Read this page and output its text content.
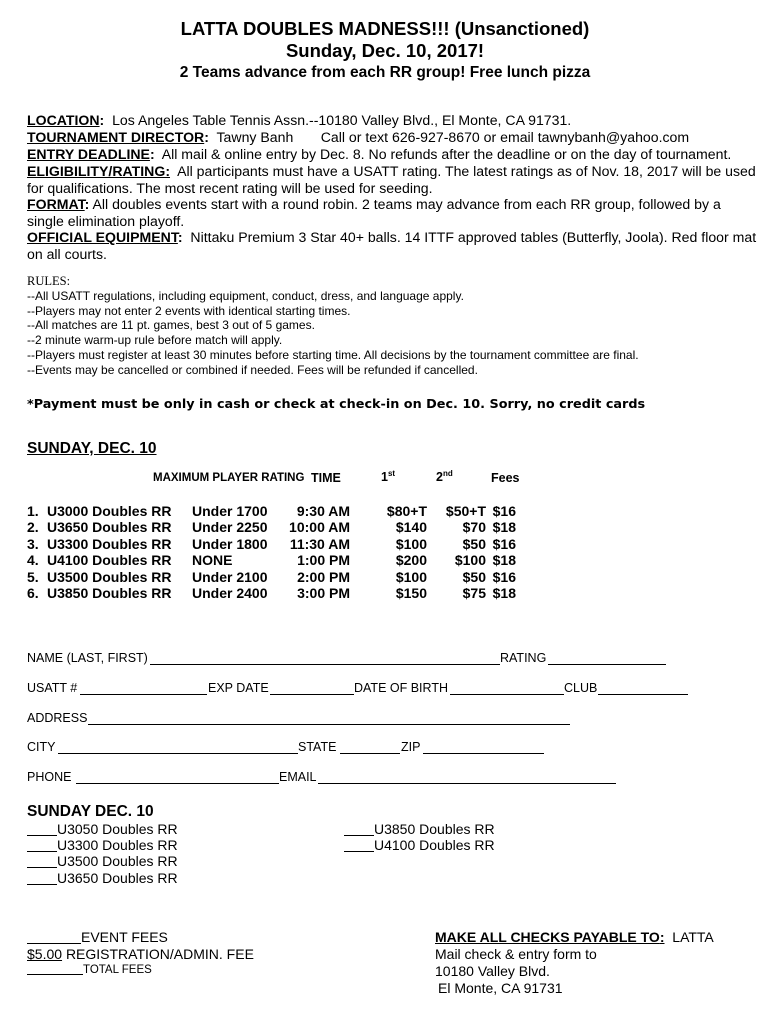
LATTA DOUBLES MADNESS!!! (Unsanctioned)
Sunday, Dec. 10, 2017!
2 Teams advance from each RR group! Free lunch pizza
LOCATION: Los Angeles Table Tennis Assn.--10180 Valley Blvd., El Monte, CA 91731.
TOURNAMENT DIRECTOR: Tawny Banh Call or text 626-927-8670 or email tawnybanh@yahoo.com
ENTRY DEADLINE: All mail & online entry by Dec. 8. No refunds after the deadline or on the day of tournament.
ELIGIBILITY/RATING: All participants must have a USATT rating. The latest ratings as of Nov. 18, 2017 will be used for qualifications. The most recent rating will be used for seeding.
FORMAT: All doubles events start with a round robin. 2 teams may advance from each RR group, followed by a single elimination playoff.
OFFICIAL EQUIPMENT: Nittaku Premium 3 Star 40+ balls. 14 ITTF approved tables (Butterfly, Joola). Red floor mat on all courts.
RULES:
--All USATT regulations, including equipment, conduct, dress, and language apply.
--Players may not enter 2 events with identical starting times.
--All matches are 11 pt. games, best 3 out of 5 games.
--2 minute warm-up rule before match will apply.
--Players must register at least 30 minutes before starting time. All decisions by the tournament committee are final.
--Events may be cancelled or combined if needed. Fees will be refunded if cancelled.
*Payment must be only in cash or check at check-in on Dec. 10. Sorry, no credit cards
SUNDAY, DEC. 10
MAXIMUM PLAYER RATING TIME	1st	2nd	Fees
1. U3000 Doubles RR Under 1700 9:30 AM	$80+T $50+T $16
2. U3650 Doubles RR Under 2250 10:00 AM	$140	$70 $18
3. U3300 Doubles RR Under 1800 11:30 AM	$100	$50 $16
4. U4100 Doubles RR NONE	1:00 PM	$200 $100 $18
5. U3500 Doubles RR Under 2100 2:00 PM	$100	$50 $16
6. U3850 Doubles RR Under 2400 3:00 PM	$150	$75 $18
NAME (LAST, FIRST)	RATING
USATT #	EXP DATE	DATE OF BIRTH	CLUB
ADDRESS
CITY	STATE	ZIP
PHONE	EMAIL
SUNDAY DEC. 10
U3050 Doubles RR
U3300 Doubles RR
U3500 Doubles RR
U3650 Doubles RR
U3850 Doubles RR
U4100 Doubles RR
EVENT FEES
$5.00 REGISTRATION/ADMIN. FEE
TOTAL FEES
MAKE ALL CHECKS PAYABLE TO: LATTA
Mail check & entry form to
10180 Valley Blvd.
El Monte, CA 91731
